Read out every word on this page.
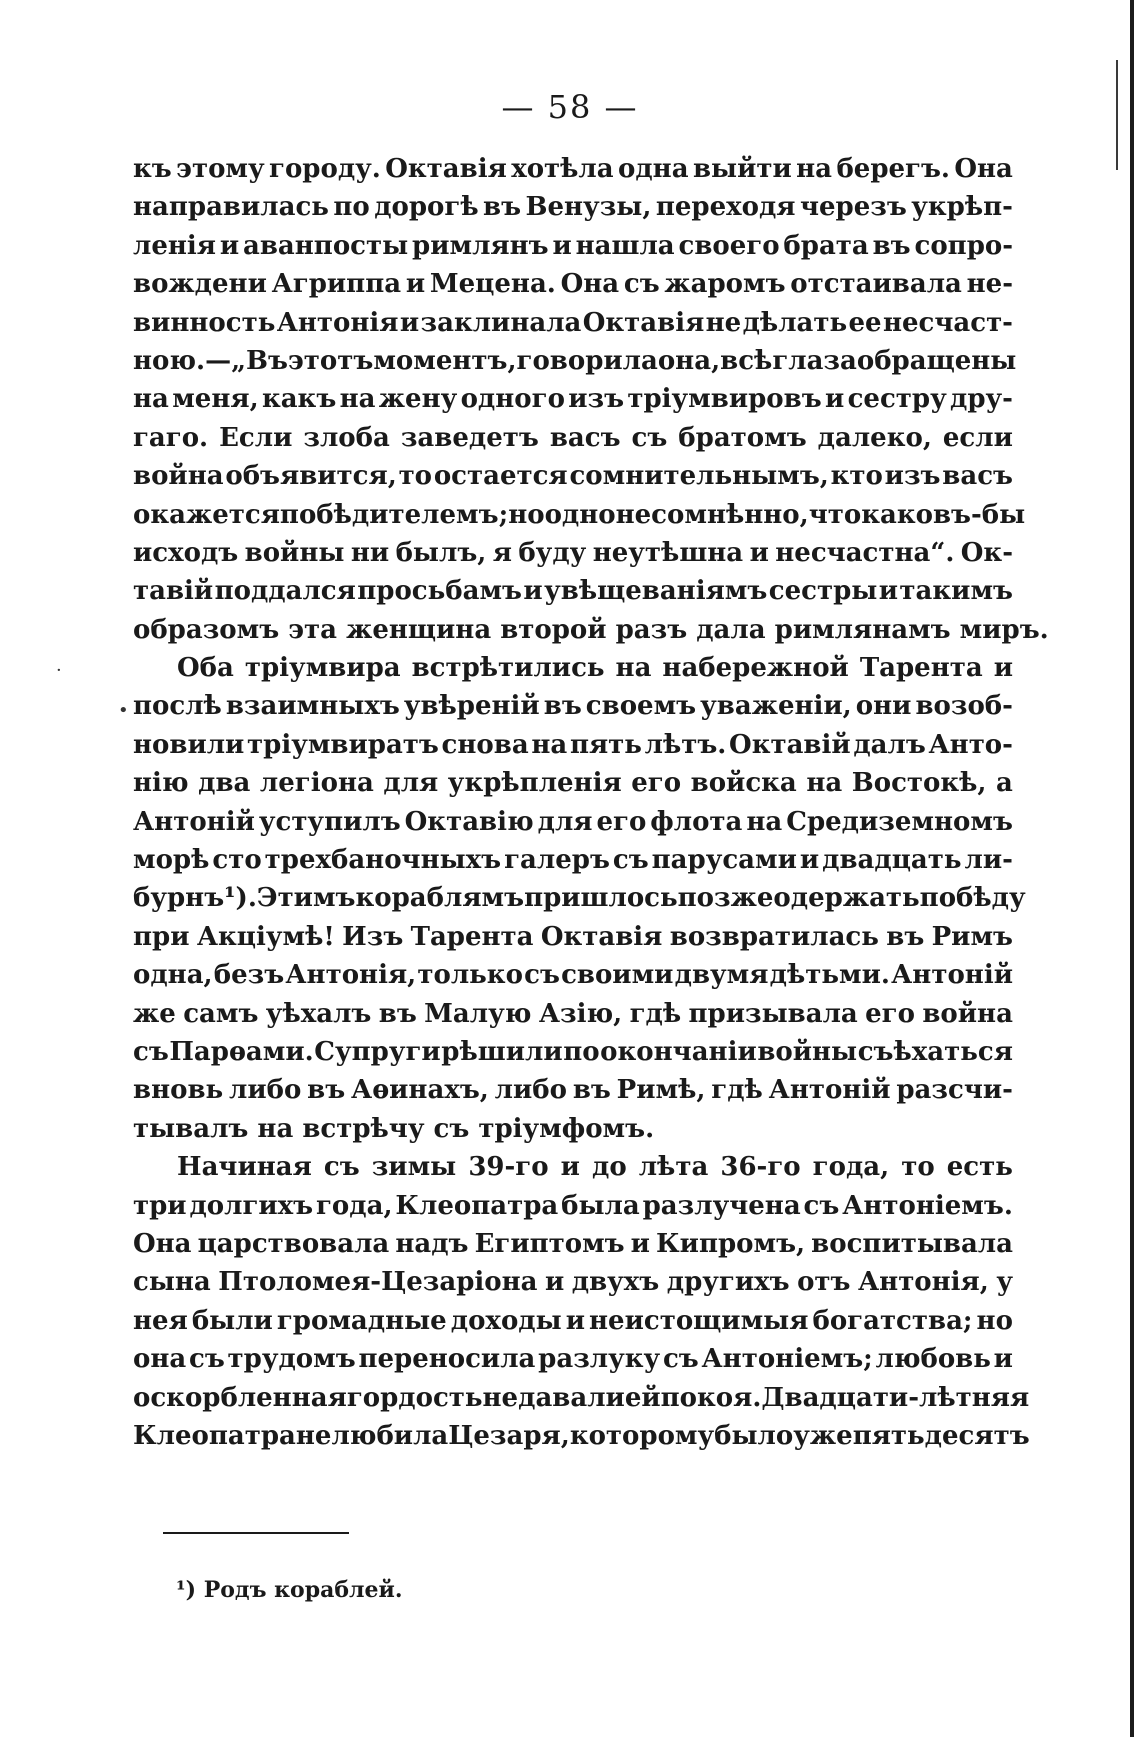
— 58 —
къ этому городу. Октавія хотѣла одна выйти на берегъ. Она
направилась по дорогѣ въ Венузы, переходя черезъ укрѣп-
ленія и аванпосты римлянъ и нашла своего брата въ сопро-
вождени Агриппа и Мецена. Она съ жаромъ отстаивала не-
винность Антонія и заклинала Октавія не дѣлать ее несчаст-
ною.—„Въ этотъ моментъ, говорила она, всѣ глаза обращены
на меня, какъ на жену одного изъ тріумвировъ и сестру дру-
гаго. Если злоба заведетъ васъ съ братомъ далеко, если
война объявится, то остается сомнительнымъ, кто изъ васъ
окажется побѣдителемъ; но одно несомнѣнно, что каковъ-бы
исходъ войны ни былъ, я буду неутѣшна и несчастна“. Ок-
тавій поддался просьбамъ и увѣщеваніямъ сестры и такимъ
образомъ эта женщина второй разъ дала римлянамъ миръ.
Оба тріумвира встрѣтились на набережной Тарента и
послѣ взаимныхъ увѣреній въ своемъ уваженіи, они возоб-
новили тріумвиратъ снова на пять лѣтъ. Октавій далъ Анто-
нію два легіона для укрѣпленія его войска на Востокѣ, а
Антоній уступилъ Октавію для его флота на Средиземномъ
морѣ сто трехбаночныхъ галеръ съ парусами и двадцать ли-
бурнъ ¹). Этимъ кораблямъ пришлось позже одержать побѣду
при Акціумѣ! Изъ Тарента Октавія возвратилась въ Римъ
одна, безъ Антонія, только съ своими двумя дѣтьми. Антоній
же самъ уѣхалъ въ Малую Азію, гдѣ призывала его война
съ Парѳами. Супруги рѣшили по окончаніи войны съѣхаться
вновь либо въ Аѳинахъ, либо въ Римѣ, гдѣ Антоній разсчи-
тывалъ на встрѣчу съ тріумфомъ.
Начиная съ зимы 39-го и до лѣта 36-го года, то есть
три долгихъ года, Клеопатра была разлучена съ Антоніемъ.
Она царствовала надъ Египтомъ и Кипромъ, воспитывала
сына Птоломея-Цезаріона и двухъ другихъ отъ Антонія, у
нея были громадные доходы и неистощимыя богатства; но
она съ трудомъ переносила разлуку съ Антоніемъ; любовь и
оскорбленная гордость не давали ей покоя. Двадцати-лѣтняя
Клеопатра не любила Цезаря, которому было уже пятьдесятъ
•
·
¹) Родъ кораблей.
